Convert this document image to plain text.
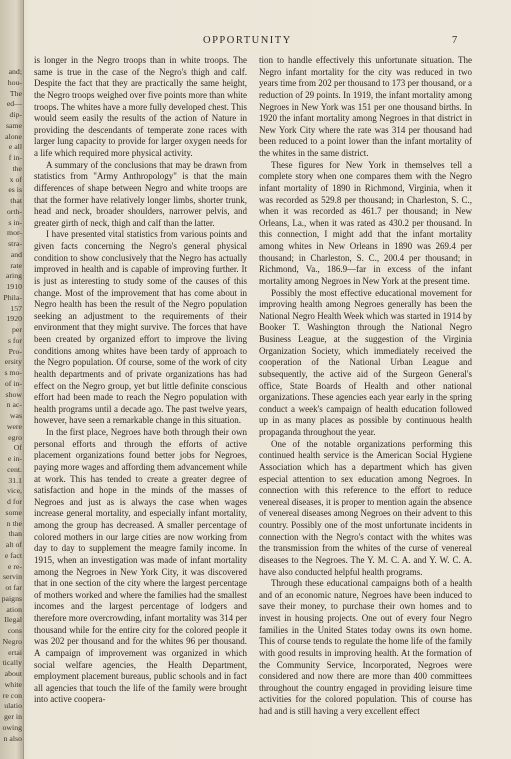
and;
hou-
The
ed—
dip-
same
alone
e all
f in-
the
x of
es is
that
orth-
s in-
mor-
stra-
and
rate
aring
1910
Phila-
157
1920
per
s for
Pro-
ersity
s mo-
of in-
show
n ac-
was
were
egro
Of
e in-
cent.
31.1
vice,
d for
some
n the
than
alt of
e fact
e re-
servin
ot far
paigns
ation
Ilegal
cons
Negro
ertai
tically
about
white
re con
ulatio
ger in
owing
n also
OPPORTUNITY	7

is longer in the Negro troops than in white troops. The same is true in the case of the Negro's thigh and calf. Despite the fact that they are practically the same height, the Negro troops weighed over five points more than white troops. The whites have a more fully developed chest. This would seem easily the results of the action of Nature in providing the descendants of temperate zone races with larger lung capacity to provide for larger oxygen needs for a life which required more physical activity.

A summary of the conclusions that may be drawn from statistics from "Army Anthropology" is that the main differences of shape between Negro and white troops are that the former have relatively longer limbs, shorter trunk, head and neck, broader shoulders, narrower pelvis, and greater girth of neck, thigh and calf than the latter.

I have presented vital statistics from various points and given facts concerning the Negro's general physical condition to show conclusively that the Negro has actually improved in health and is capable of improving further. It is just as interesting to study some of the causes of this change. Most of the improvement that has come about in Negro health has been the result of the Negro population seeking an adjustment to the requirements of their environment that they might survive. The forces that have been created by organized effort to improve the living conditions among whites have been tardy of approach to the Negro population. Of course, some of the work of city health departments and of private organizations has had effect on the Negro group, yet but little definite conscious effort had been made to reach the Negro population with health programs until a decade ago. The past twelve years, however, have seen a remarkable change in this situation.

In the first place, Negroes have both through their own personal efforts and through the efforts of active placement organizations found better jobs for Negroes, paying more wages and affording them advancement while at work. This has tended to create a greater degree of satisfaction and hope in the minds of the masses of Negroes and just as is always the case when wages increase general mortality, and especially infant mortality, among the group has decreased. A smaller percentage of colored mothers in our large cities are now working from day to day to supplement the meagre family income. In 1915, when an investigation was made of infant mortality among the Negroes in New York City, it was discovered that in one section of the city where the largest percentage of mothers worked and where the families had the smallest incomes and the largest percentage of lodgers and therefore more overcrowding, infant mortality was 314 per thousand while for the entire city for the colored people it was 202 per thousand and for the whites 96 per thousand. A campaign of improvement was organized in which social welfare agencies, the Health Department, employment placement bureaus, public schools and in fact all agencies that touch the life of the family were brought into active coopera-

tion to handle effectively this unfortunate situation. The Negro infant mortality for the city was reduced in two years time from 202 per thousand to 173 per thousand, or a reduction of 29 points. In 1919, the infant mortality among Negroes in New York was 151 per one thousand births. In 1920 the infant mortality among Negroes in that district in New York City where the rate was 314 per thousand had been reduced to a point lower than the infant mortality of the whites in the same district.

These figures for New York in themselves tell a complete story when one compares them with the Negro infant mortality of 1890 in Richmond, Virginia, when it was recorded as 529.8 per thousand; in Charleston, S. C., when it was recorded as 461.7 per thousand; in New Orleans, La., when it was rated as 430.2 per thousand. In this connection, I might add that the infant mortality among whites in New Orleans in 1890 was 269.4 per thousand; in Charleston, S. C., 200.4 per thousand; in Richmond, Va., 186.9—far in excess of the infant mortality among Negroes in New York at the present time.

Possibly the most effective educational movement for improving health among Negroes generally has been the National Negro Health Week which was started in 1914 by Booker T. Washington through the National Negro Business League, at the suggestion of the Virginia Organization Society, which immediately received the cooperation of the National Urban League and subsequently, the active aid of the Surgeon General's office, State Boards of Health and other national organizations. These agencies each year early in the spring conduct a week's campaign of health education followed up in as many places as possible by continuous health propaganda throughout the year.

One of the notable organizations performing this continued health service is the American Social Hygiene Association which has a department which has given especial attention to sex education among Negroes. In connection with this reference to the effort to reduce venereal diseases, it is proper to mention again the absence of venereal diseases among Negroes on their advent to this country. Possibly one of the most unfortunate incidents in connection with the Negro's contact with the whites was the transmission from the whites of the curse of venereal diseases to the Negroes. The Y. M. C. A. and Y. W. C. A. have also conducted helpful health programs.

Through these educational campaigns both of a health and of an economic nature, Negroes have been induced to save their money, to purchase their own homes and to invest in housing projects. One out of every four Negro families in the United States today owns its own home. This of course tends to regulate the home life of the family with good results in improving health. At the formation of the Community Service, Incorporated, Negroes were considered and now there are more than 400 committees throughout the country engaged in providing leisure time activities for the colored population. This of course has had and is still having a very excellent effect
